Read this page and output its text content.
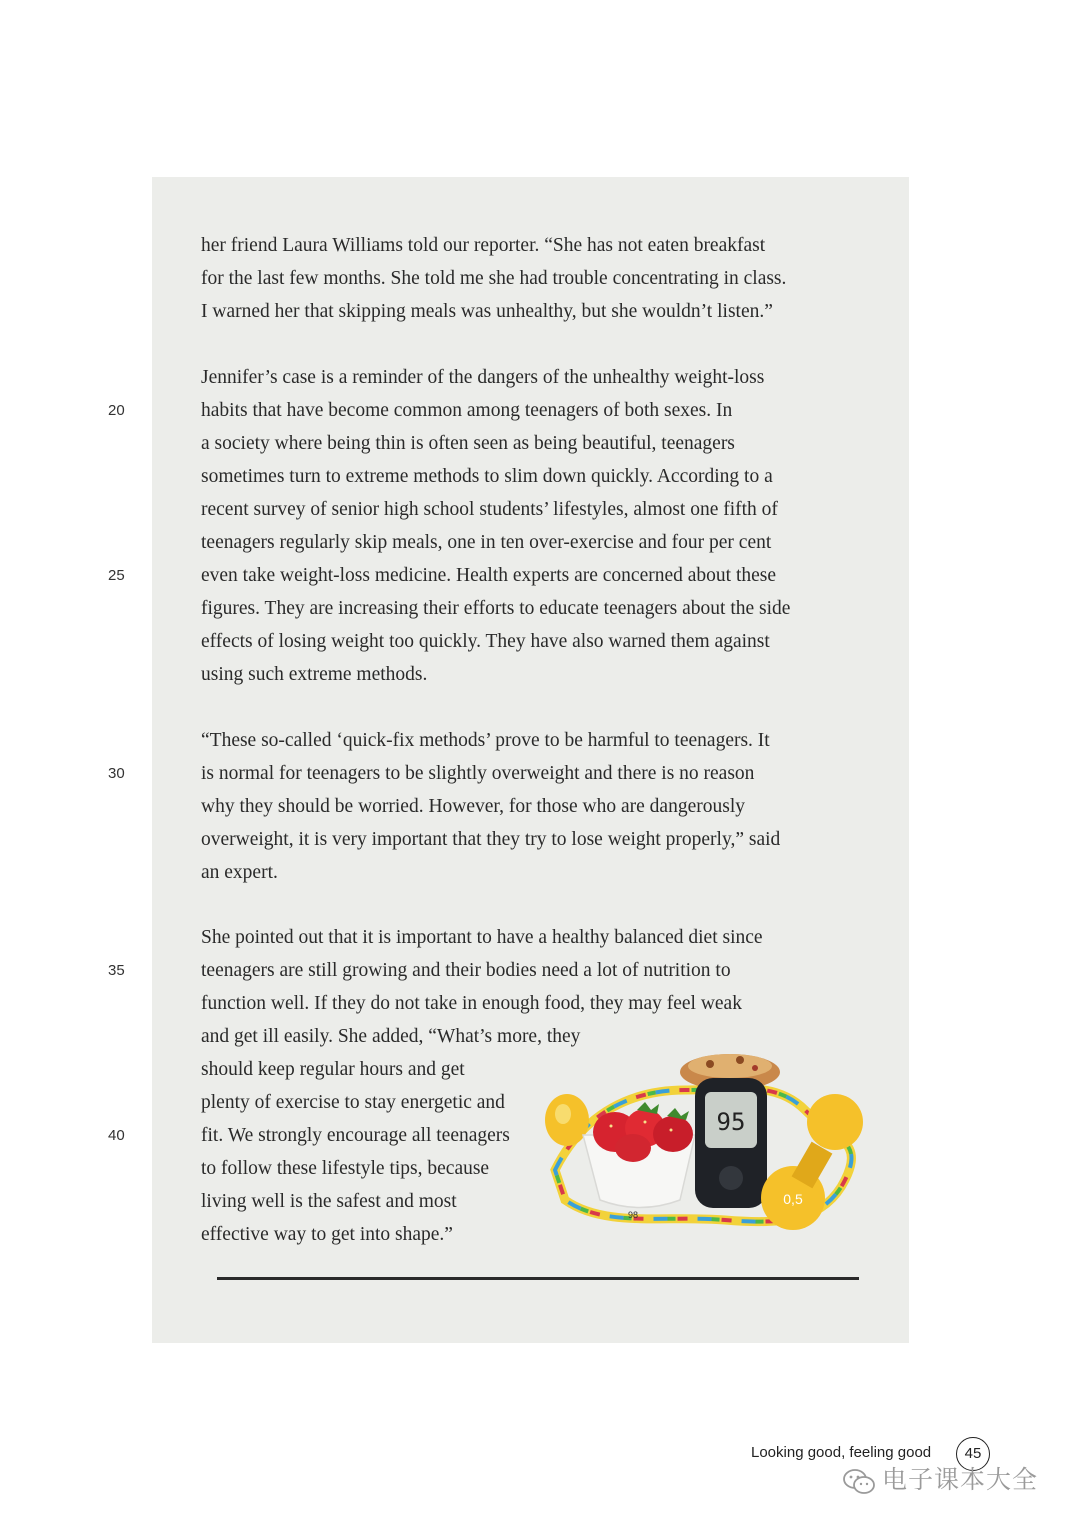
her friend Laura Williams told our reporter. “She has not eaten breakfast
for the last few months. She told me she had trouble concentrating in class.
I warned her that skipping meals was unhealthy, but she wouldn’t listen.”
Jennifer’s case is a reminder of the dangers of the unhealthy weight-loss
habits that have become common among teenagers of both sexes. In
a society where being thin is often seen as being beautiful, teenagers
sometimes turn to extreme methods to slim down quickly. According to a
recent survey of senior high school students’ lifestyles, almost one fifth of
teenagers regularly skip meals, one in ten over-exercise and four per cent
even take weight-loss medicine. Health experts are concerned about these
figures. They are increasing their efforts to educate teenagers about the side
effects of losing weight too quickly. They have also warned them against
using such extreme methods.
“These so-called ‘quick-fix methods’ prove to be harmful to teenagers. It
is normal for teenagers to be slightly overweight and there is no reason
why they should be worried. However, for those who are dangerously
overweight, it is very important that they try to lose weight properly,” said
an expert.
She pointed out that it is important to have a healthy balanced diet since
teenagers are still growing and their bodies need a lot of nutrition to
function well. If they do not take in enough food, they may feel weak
and get ill easily. She added, “What’s more, they
should keep regular hours and get
plenty of exercise to stay energetic and
fit. We strongly encourage all teenagers
to follow these lifestyle tips, because
living well is the safest and most
effective way to get into shape.”
20
25
30
35
40	95
0,5
98
Looking good, feeling good	45
电子课本大全
